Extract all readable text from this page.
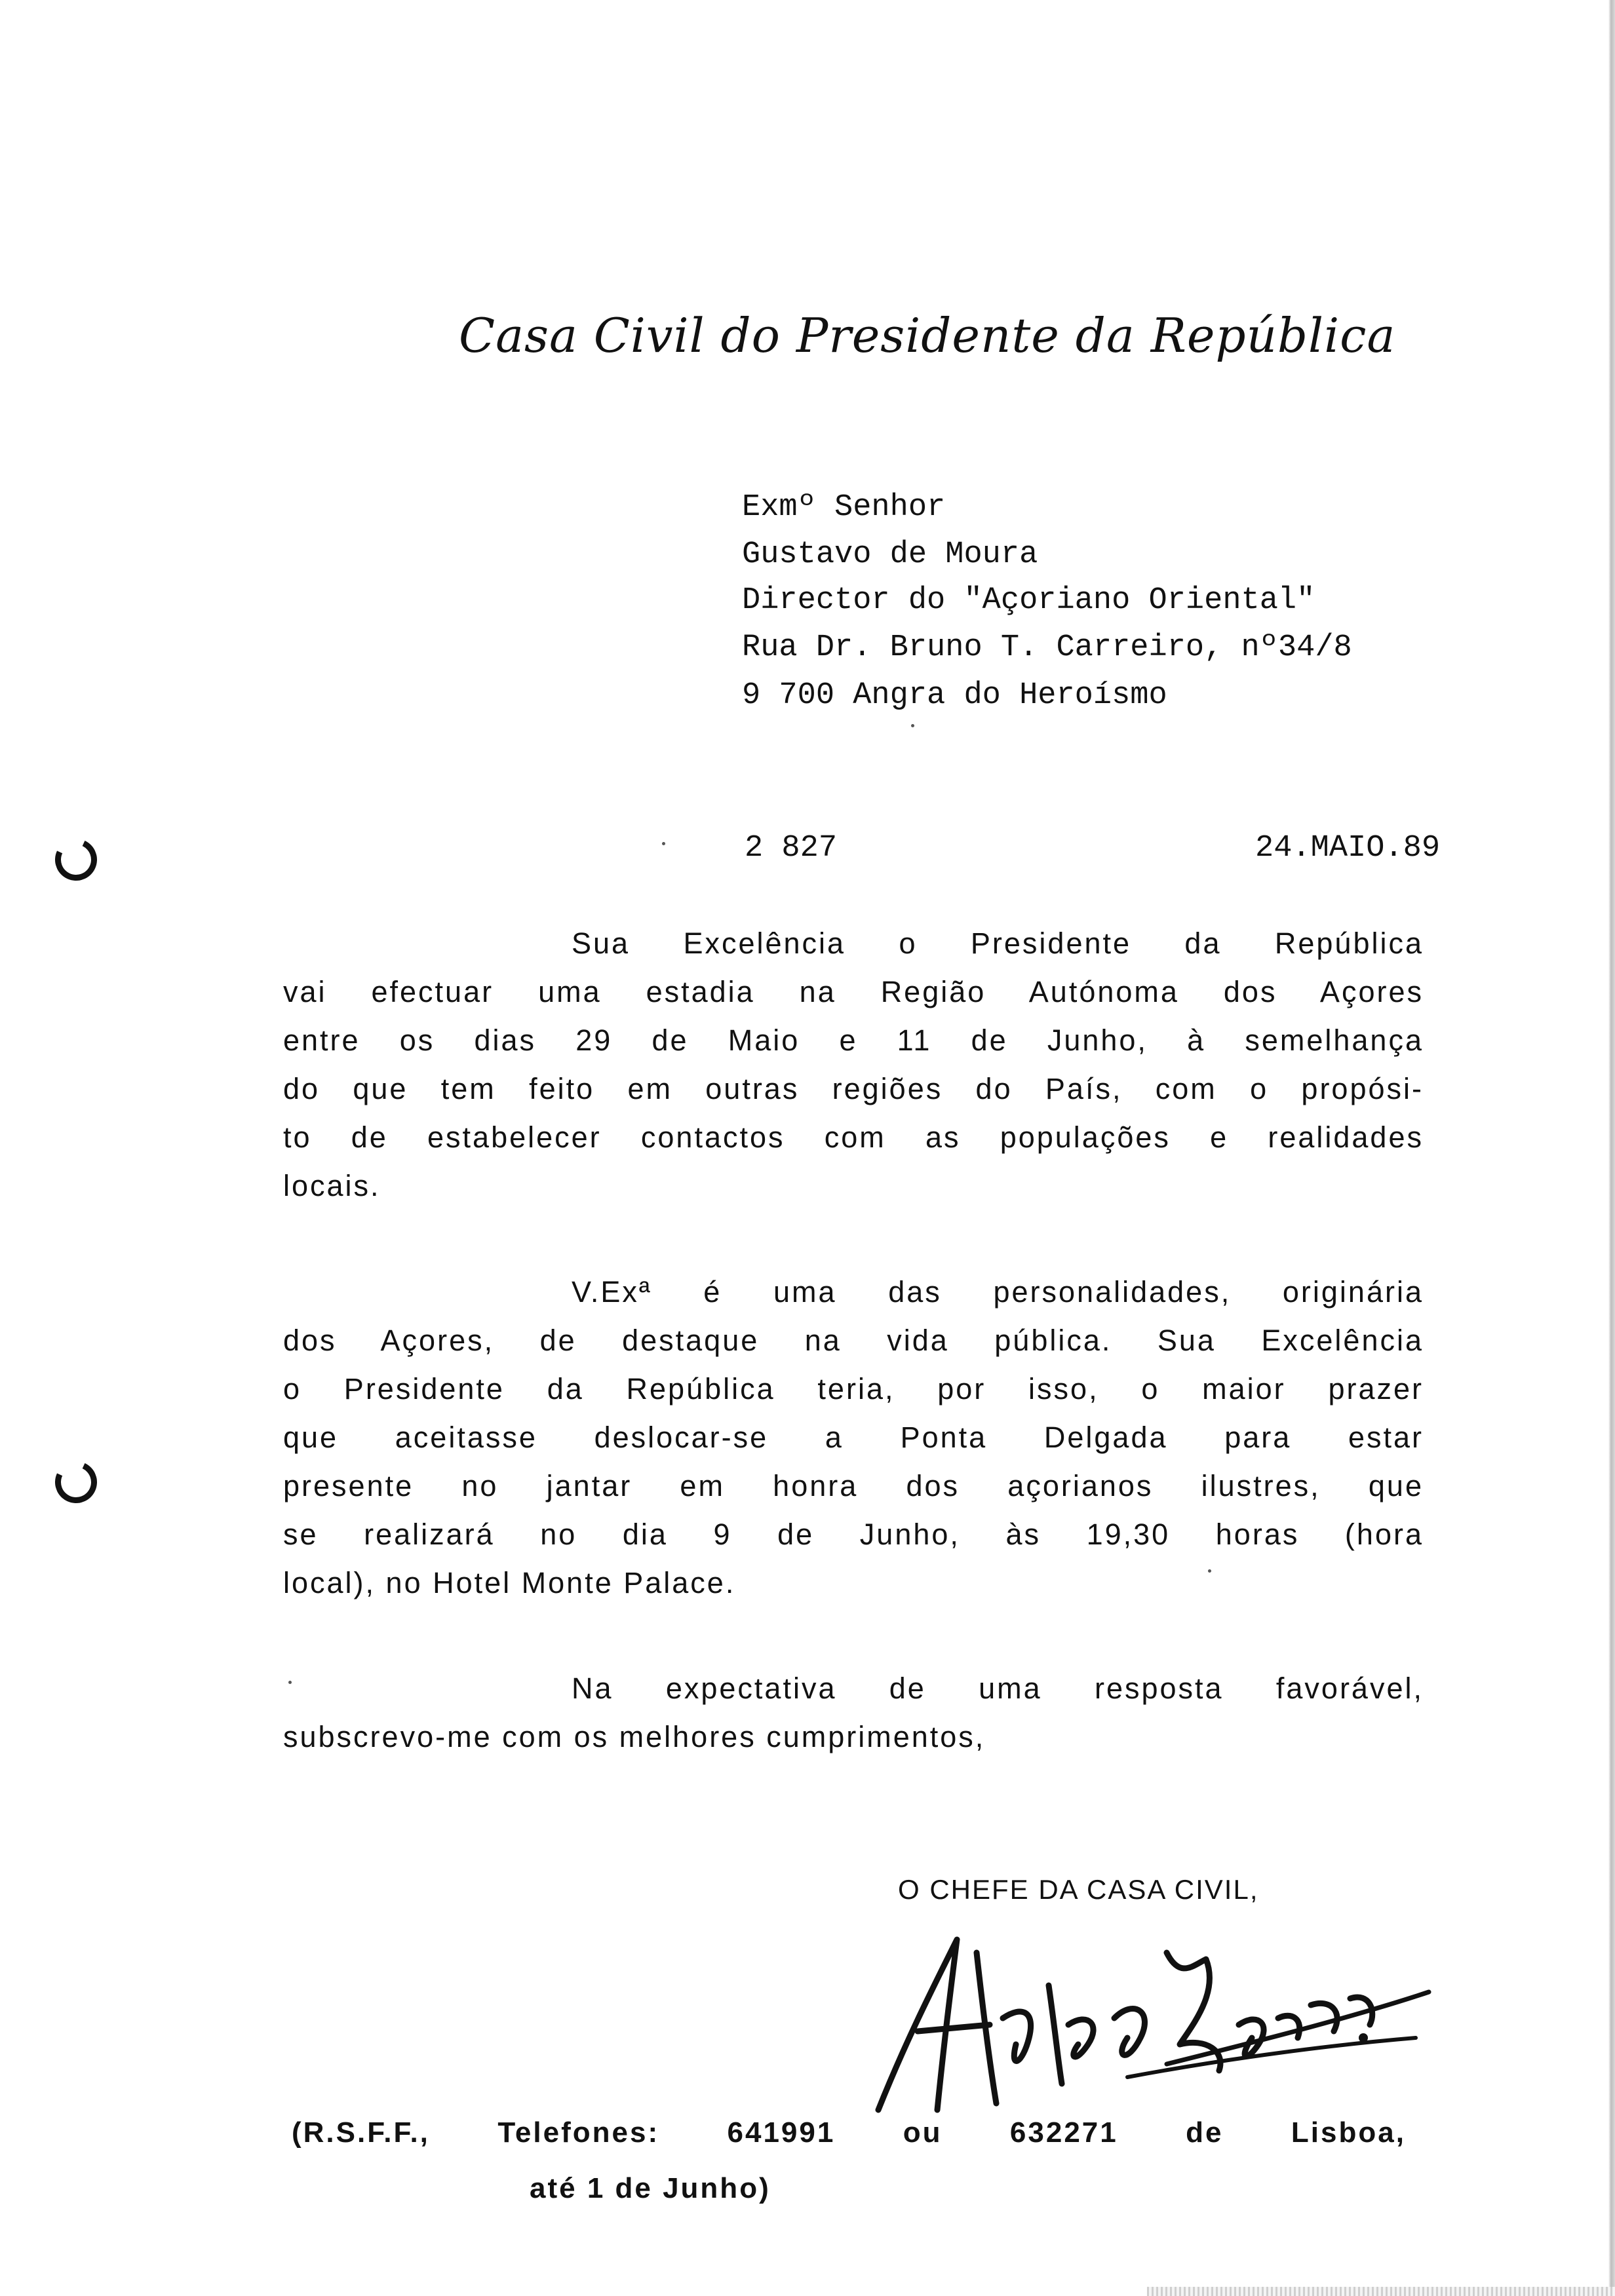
Casa Civil do Presidente da República
Exmº Senhor
Gustavo de Moura
Director do "Açoriano Oriental"
Rua Dr. Bruno T. Carreiro, nº34/8
9 700 Angra do Heroísmo
2 827	24.MAIO.89
Sua Excelência o Presidente da República
vai efectuar uma estadia na Região Autónoma dos Açores
entre os dias 29 de Maio e 11 de Junho, à semelhança
do que tem feito em outras regiões do País, com o propósi-
to de estabelecer contactos com as populações e realidades
locais.
V.Exª é uma das personalidades, originária
dos Açores, de destaque na vida pública. Sua Excelência
o Presidente da República teria, por isso, o maior prazer
que aceitasse deslocar-se a Ponta Delgada para estar
presente no jantar em honra dos açorianos ilustres, que
se realizará no dia 9 de Junho, às 19,30 horas (hora
local), no Hotel Monte Palace.
Na expectativa de uma resposta favorável,
subscrevo-me com os melhores cumprimentos,
O CHEFE DA CASA CIVIL,
(R.S.F.F., Telefones: 641991 ou 632271 de Lisboa,
até 1 de Junho)
